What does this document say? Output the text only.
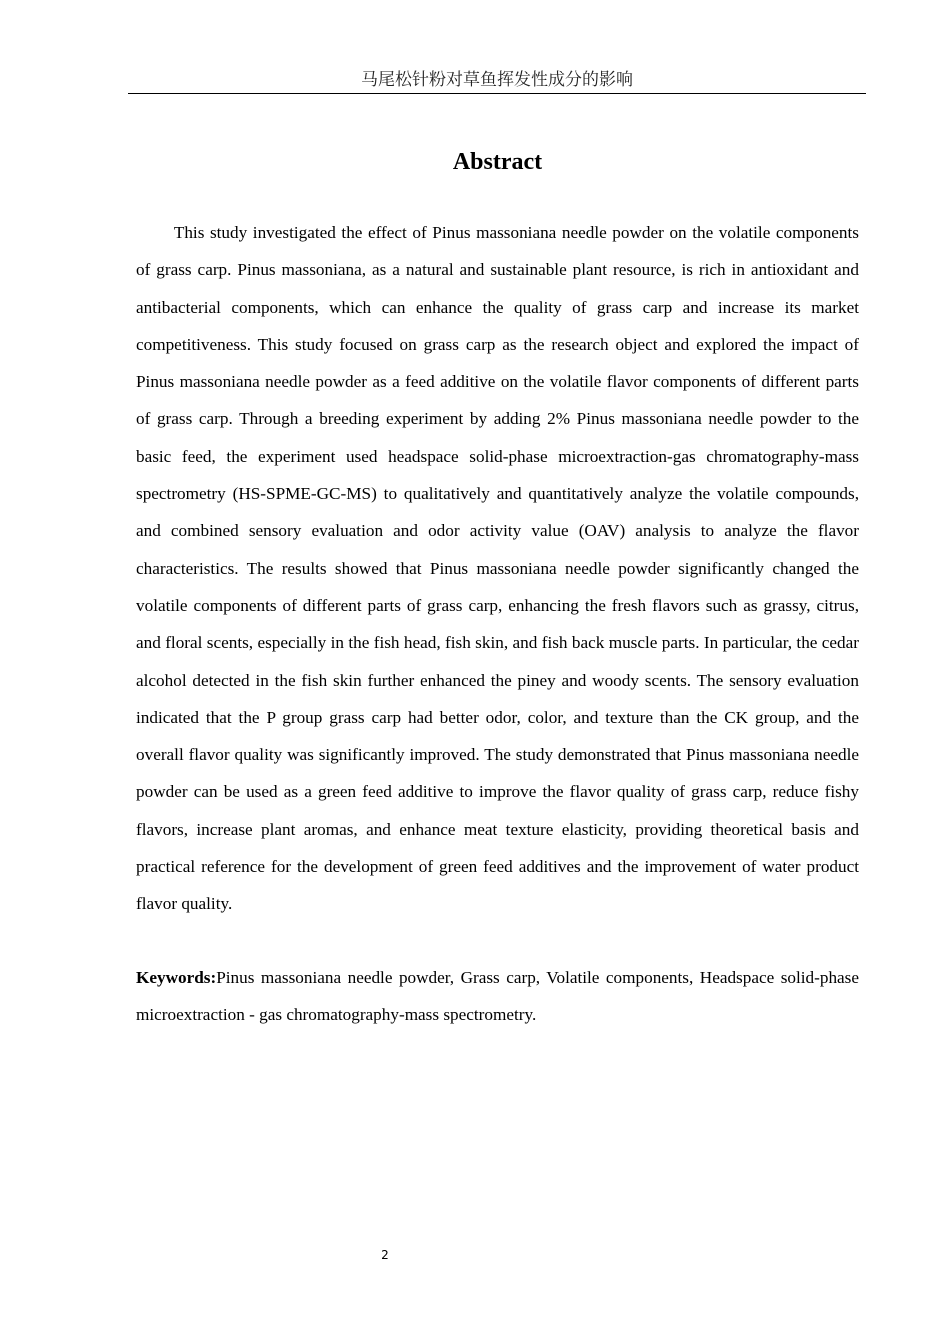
马尾松针粉对草鱼挥发性成分的影响
Abstract

This study investigated the effect of Pinus massoniana needle powder on the volatile components of grass carp. Pinus massoniana, as a natural and sustainable plant resource, is rich in antioxidant and antibacterial components, which can enhance the quality of grass carp and increase its market competitiveness. This study focused on grass carp as the research object and explored the impact of Pinus massoniana needle powder as a feed additive on the volatile flavor components of different parts of grass carp. Through a breeding experiment by adding 2% Pinus massoniana needle powder to the basic feed, the experiment used headspace solid-phase microextraction-gas chromatography-mass spectrometry (HS-SPME-GC-MS) to qualitatively and quantitatively analyze the volatile compounds, and combined sensory evaluation and odor activity value (OAV) analysis to analyze the flavor characteristics. The results showed that Pinus massoniana needle powder significantly changed the volatile components of different parts of grass carp, enhancing the fresh flavors such as grassy, citrus, and floral scents, especially in the fish head, fish skin, and fish back muscle parts. In particular, the cedar alcohol detected in the fish skin further enhanced the piney and woody scents. The sensory evaluation indicated that the P group grass carp had better odor, color, and texture than the CK group, and the overall flavor quality was significantly improved. The study demonstrated that Pinus massoniana needle powder can be used as a green feed additive to improve the flavor quality of grass carp, reduce fishy flavors, increase plant aromas, and enhance meat texture elasticity, providing theoretical basis and practical reference for the development of green feed additives and the improvement of water product flavor quality.

Keywords:Pinus massoniana needle powder, Grass carp, Volatile components, Headspace solid-phase microextraction - gas chromatography-mass spectrometry.

2
